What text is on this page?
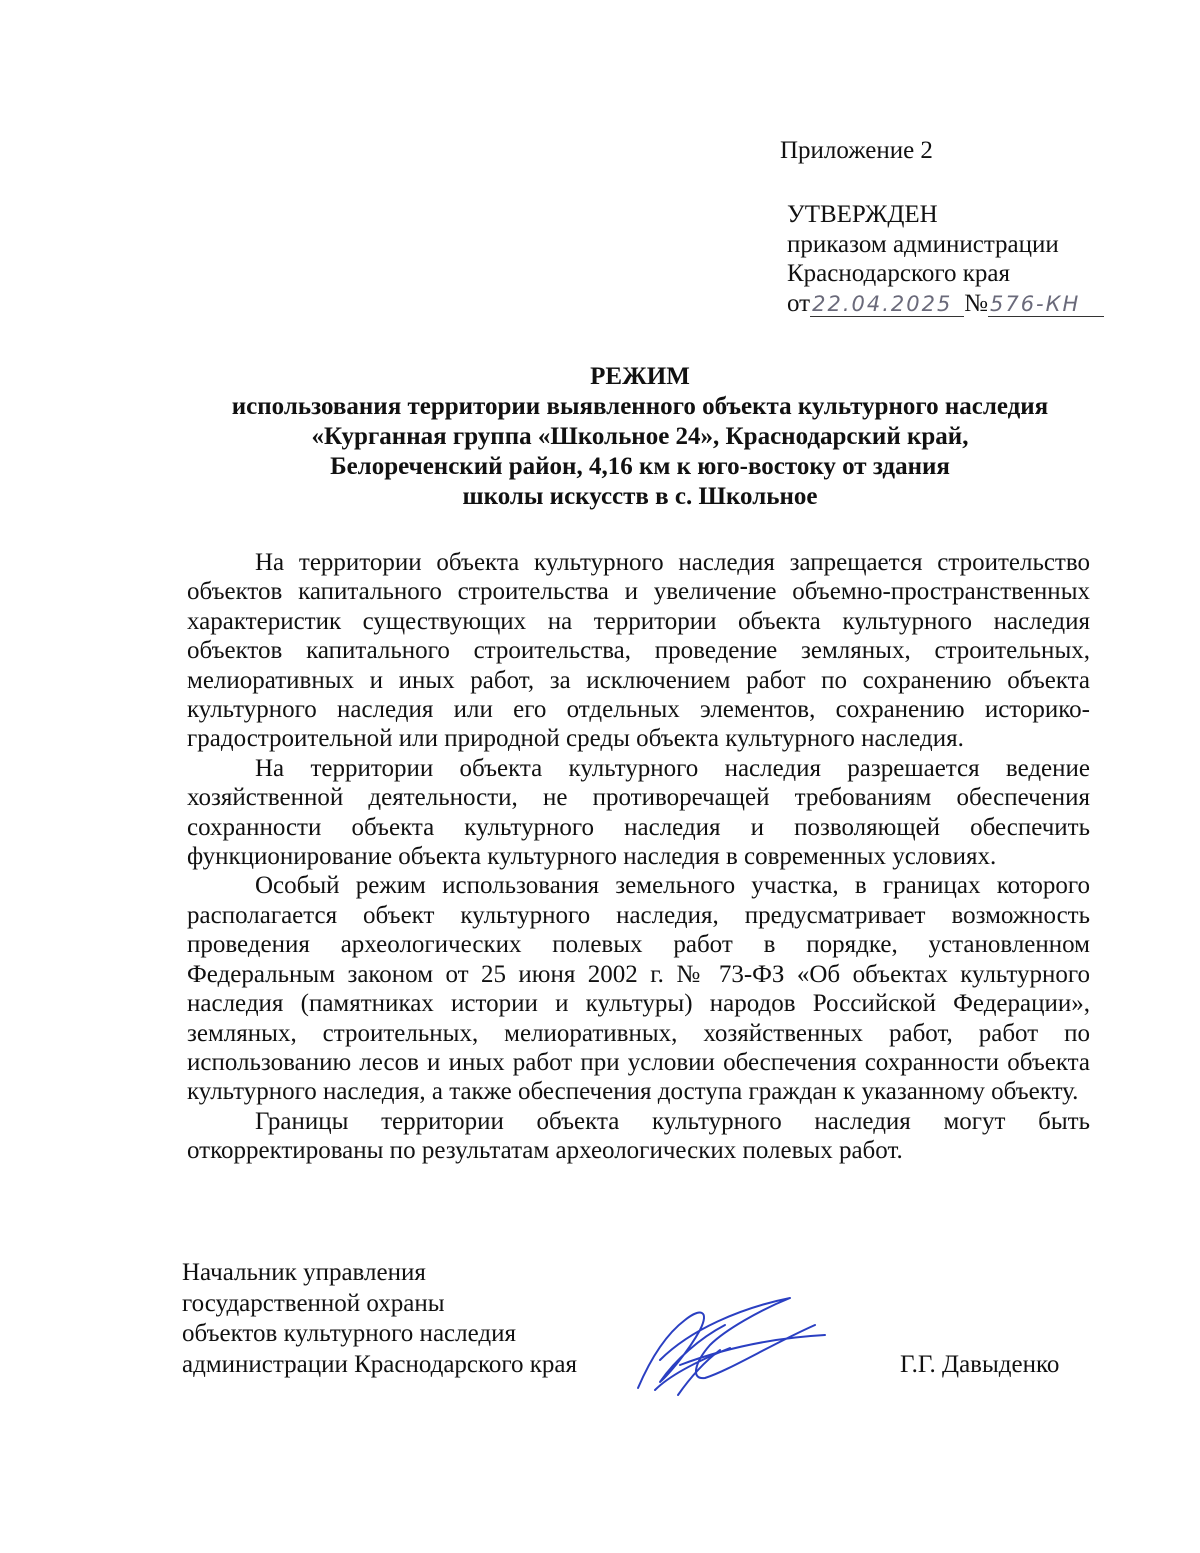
Приложение 2
УТВЕРЖДЕН
приказом администрации
Краснодарского края
от22.04.2025 №576-КН
РЕЖИМ
использования территории выявленного объекта культурного наследия
«Курганная группа «Школьное 24», Краснодарский край,
Белореченский район, 4,16 км к юго-востоку от здания
школы искусств в с. Школьное

На территории объекта культурного наследия запрещается строительство объектов капитального строительства и увеличение объемно-пространственных характеристик существующих на территории объекта культурного наследия объектов капитального строительства, проведение земляных, строительных, мелиоративных и иных работ, за исключением работ по сохранению объекта культурного наследия или его отдельных элементов, сохранению историко-градостроительной или природной среды объекта культурного наследия.

На территории объекта культурного наследия разрешается ведение хозяйственной деятельности, не противоречащей требованиям обеспечения сохранности объекта культурного наследия и позволяющей обеспечить функционирование объекта культурного наследия в современных условиях.

Особый режим использования земельного участка, в границах которого располагается объект культурного наследия, предусматривает возможность проведения археологических полевых работ в порядке, установленном Федеральным законом от 25 июня 2002 г. № 73-ФЗ «Об объектах культурного наследия (памятниках истории и культуры) народов Российской Федерации», земляных, строительных, мелиоративных, хозяйственных работ, работ по использованию лесов и иных работ при условии обеспечения сохранности объекта культурного наследия, а также обеспечения доступа граждан к указанному объекту.

Границы территории объекта культурного наследия могут быть откорректированы по результатам археологических полевых работ.

Начальник управления
государственной охраны
объектов культурного наследия
администрации Краснодарского края	Г.Г. Давыденко
